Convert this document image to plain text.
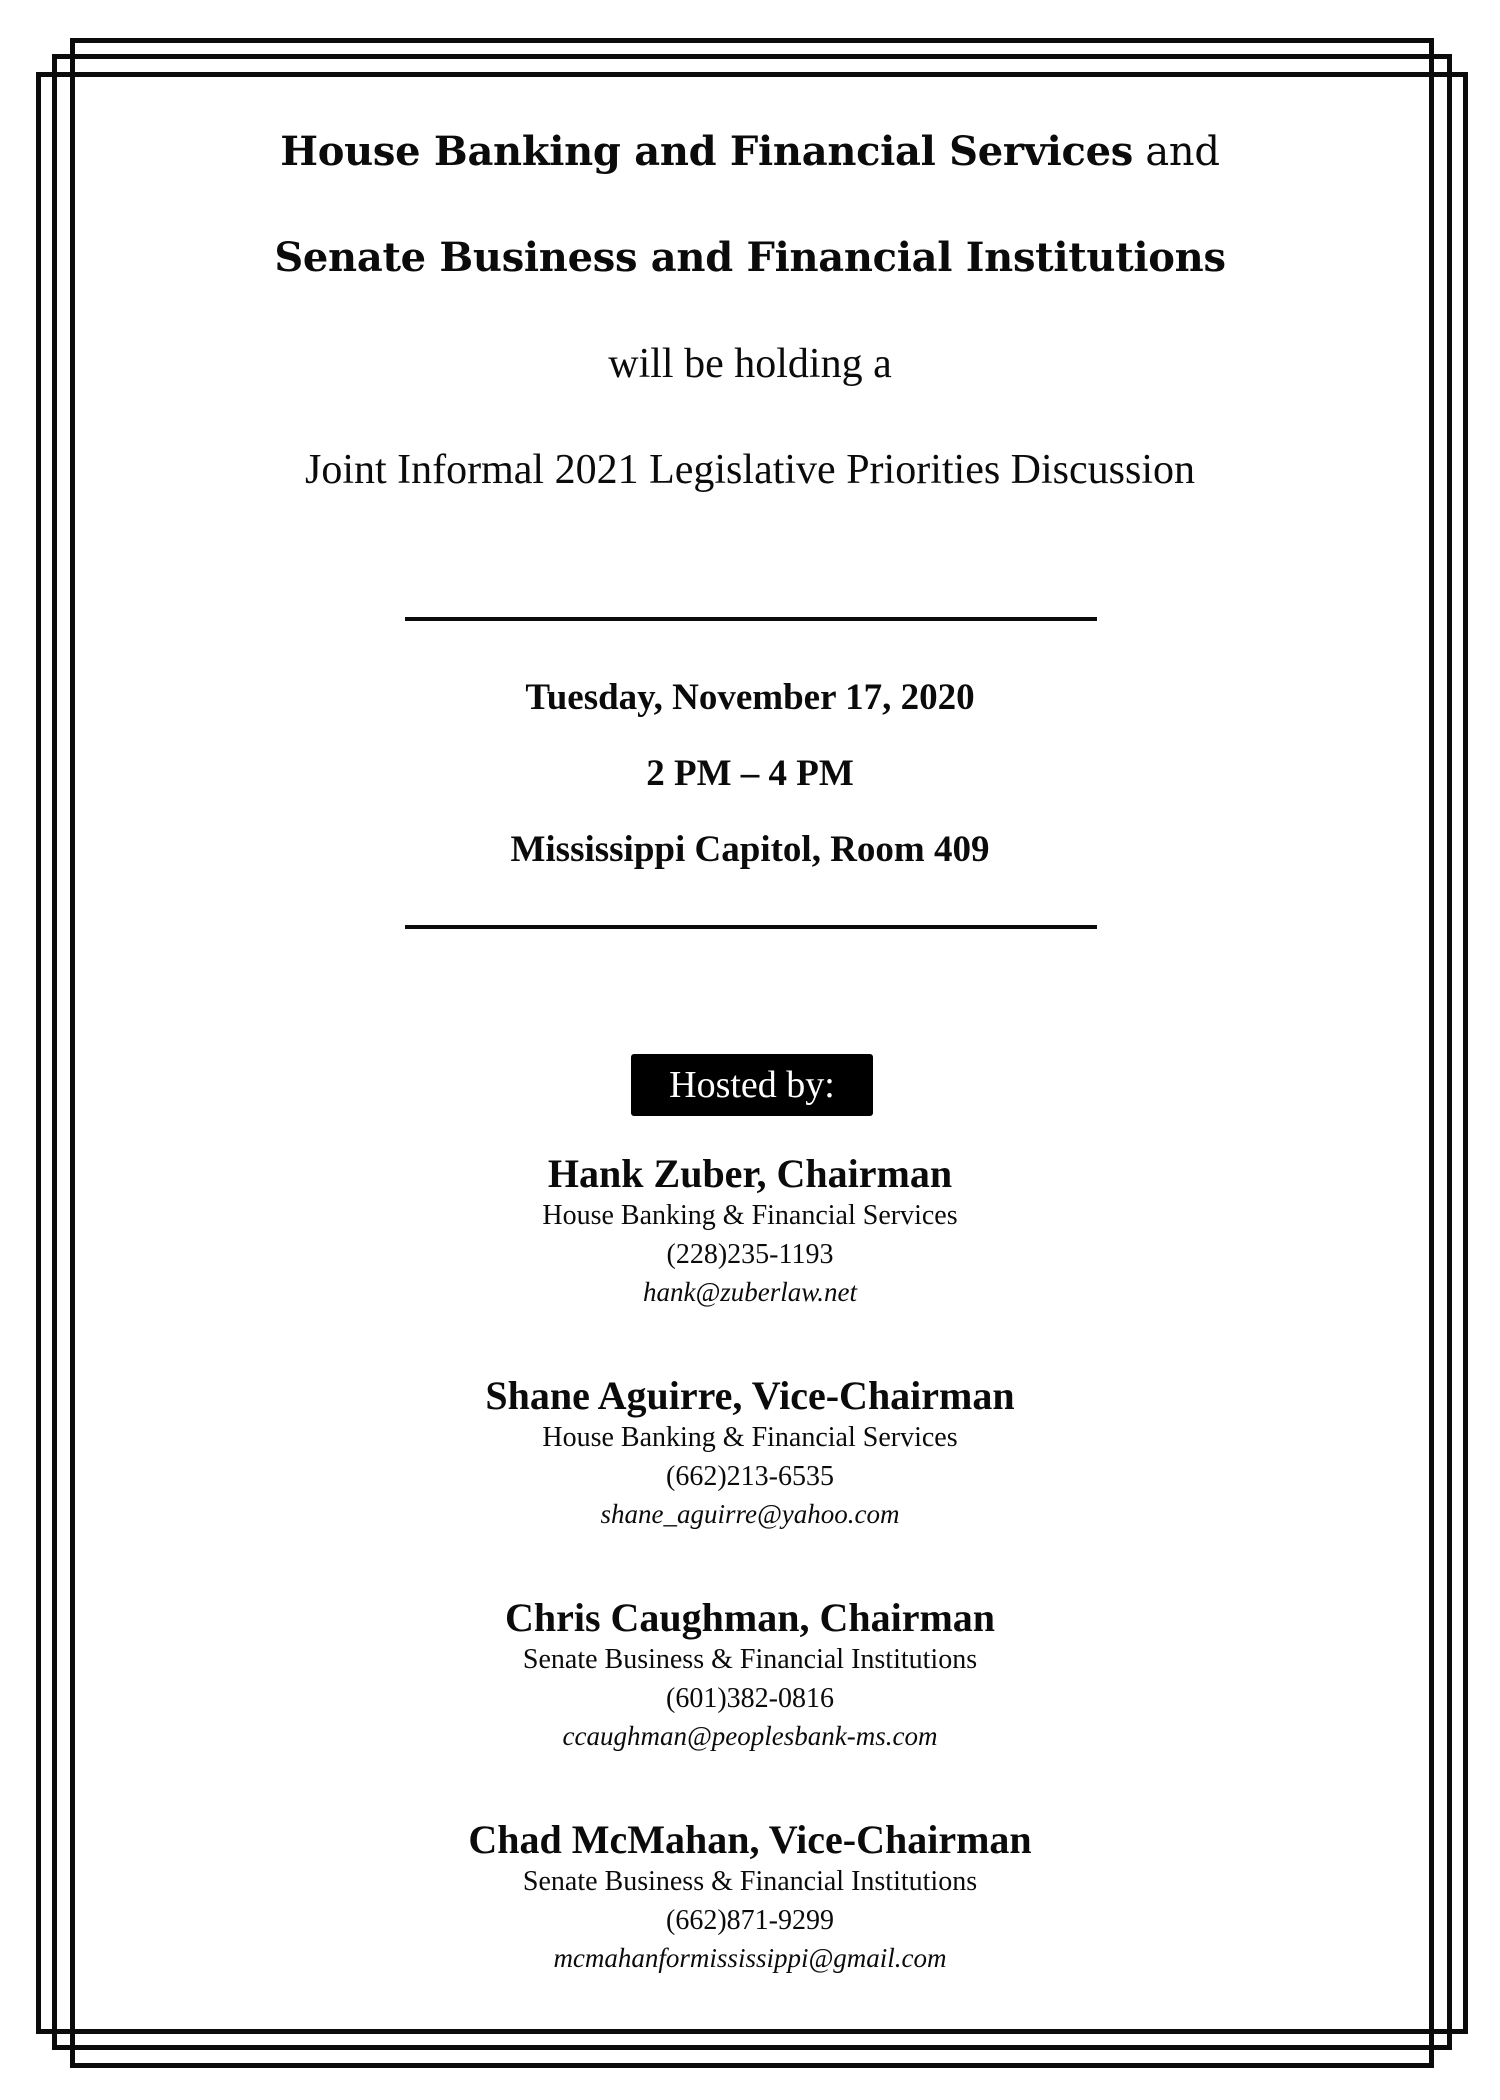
House Banking and Financial Services and
Senate Business and Financial Institutions
will be holding a
Joint Informal 2021 Legislative Priorities Discussion
Tuesday, November 17, 2020
2 PM – 4 PM
Mississippi Capitol, Room 409
Hosted by:
Hank Zuber, Chairman
House Banking & Financial Services
(228)235-1193
hank@zuberlaw.net
Shane Aguirre, Vice-Chairman
House Banking & Financial Services
(662)213-6535
shane_aguirre@yahoo.com
Chris Caughman, Chairman
Senate Business & Financial Institutions
(601)382-0816
ccaughman@peoplesbank-ms.com
Chad McMahan, Vice-Chairman
Senate Business & Financial Institutions
(662)871-9299
mcmahanformississippi@gmail.com
